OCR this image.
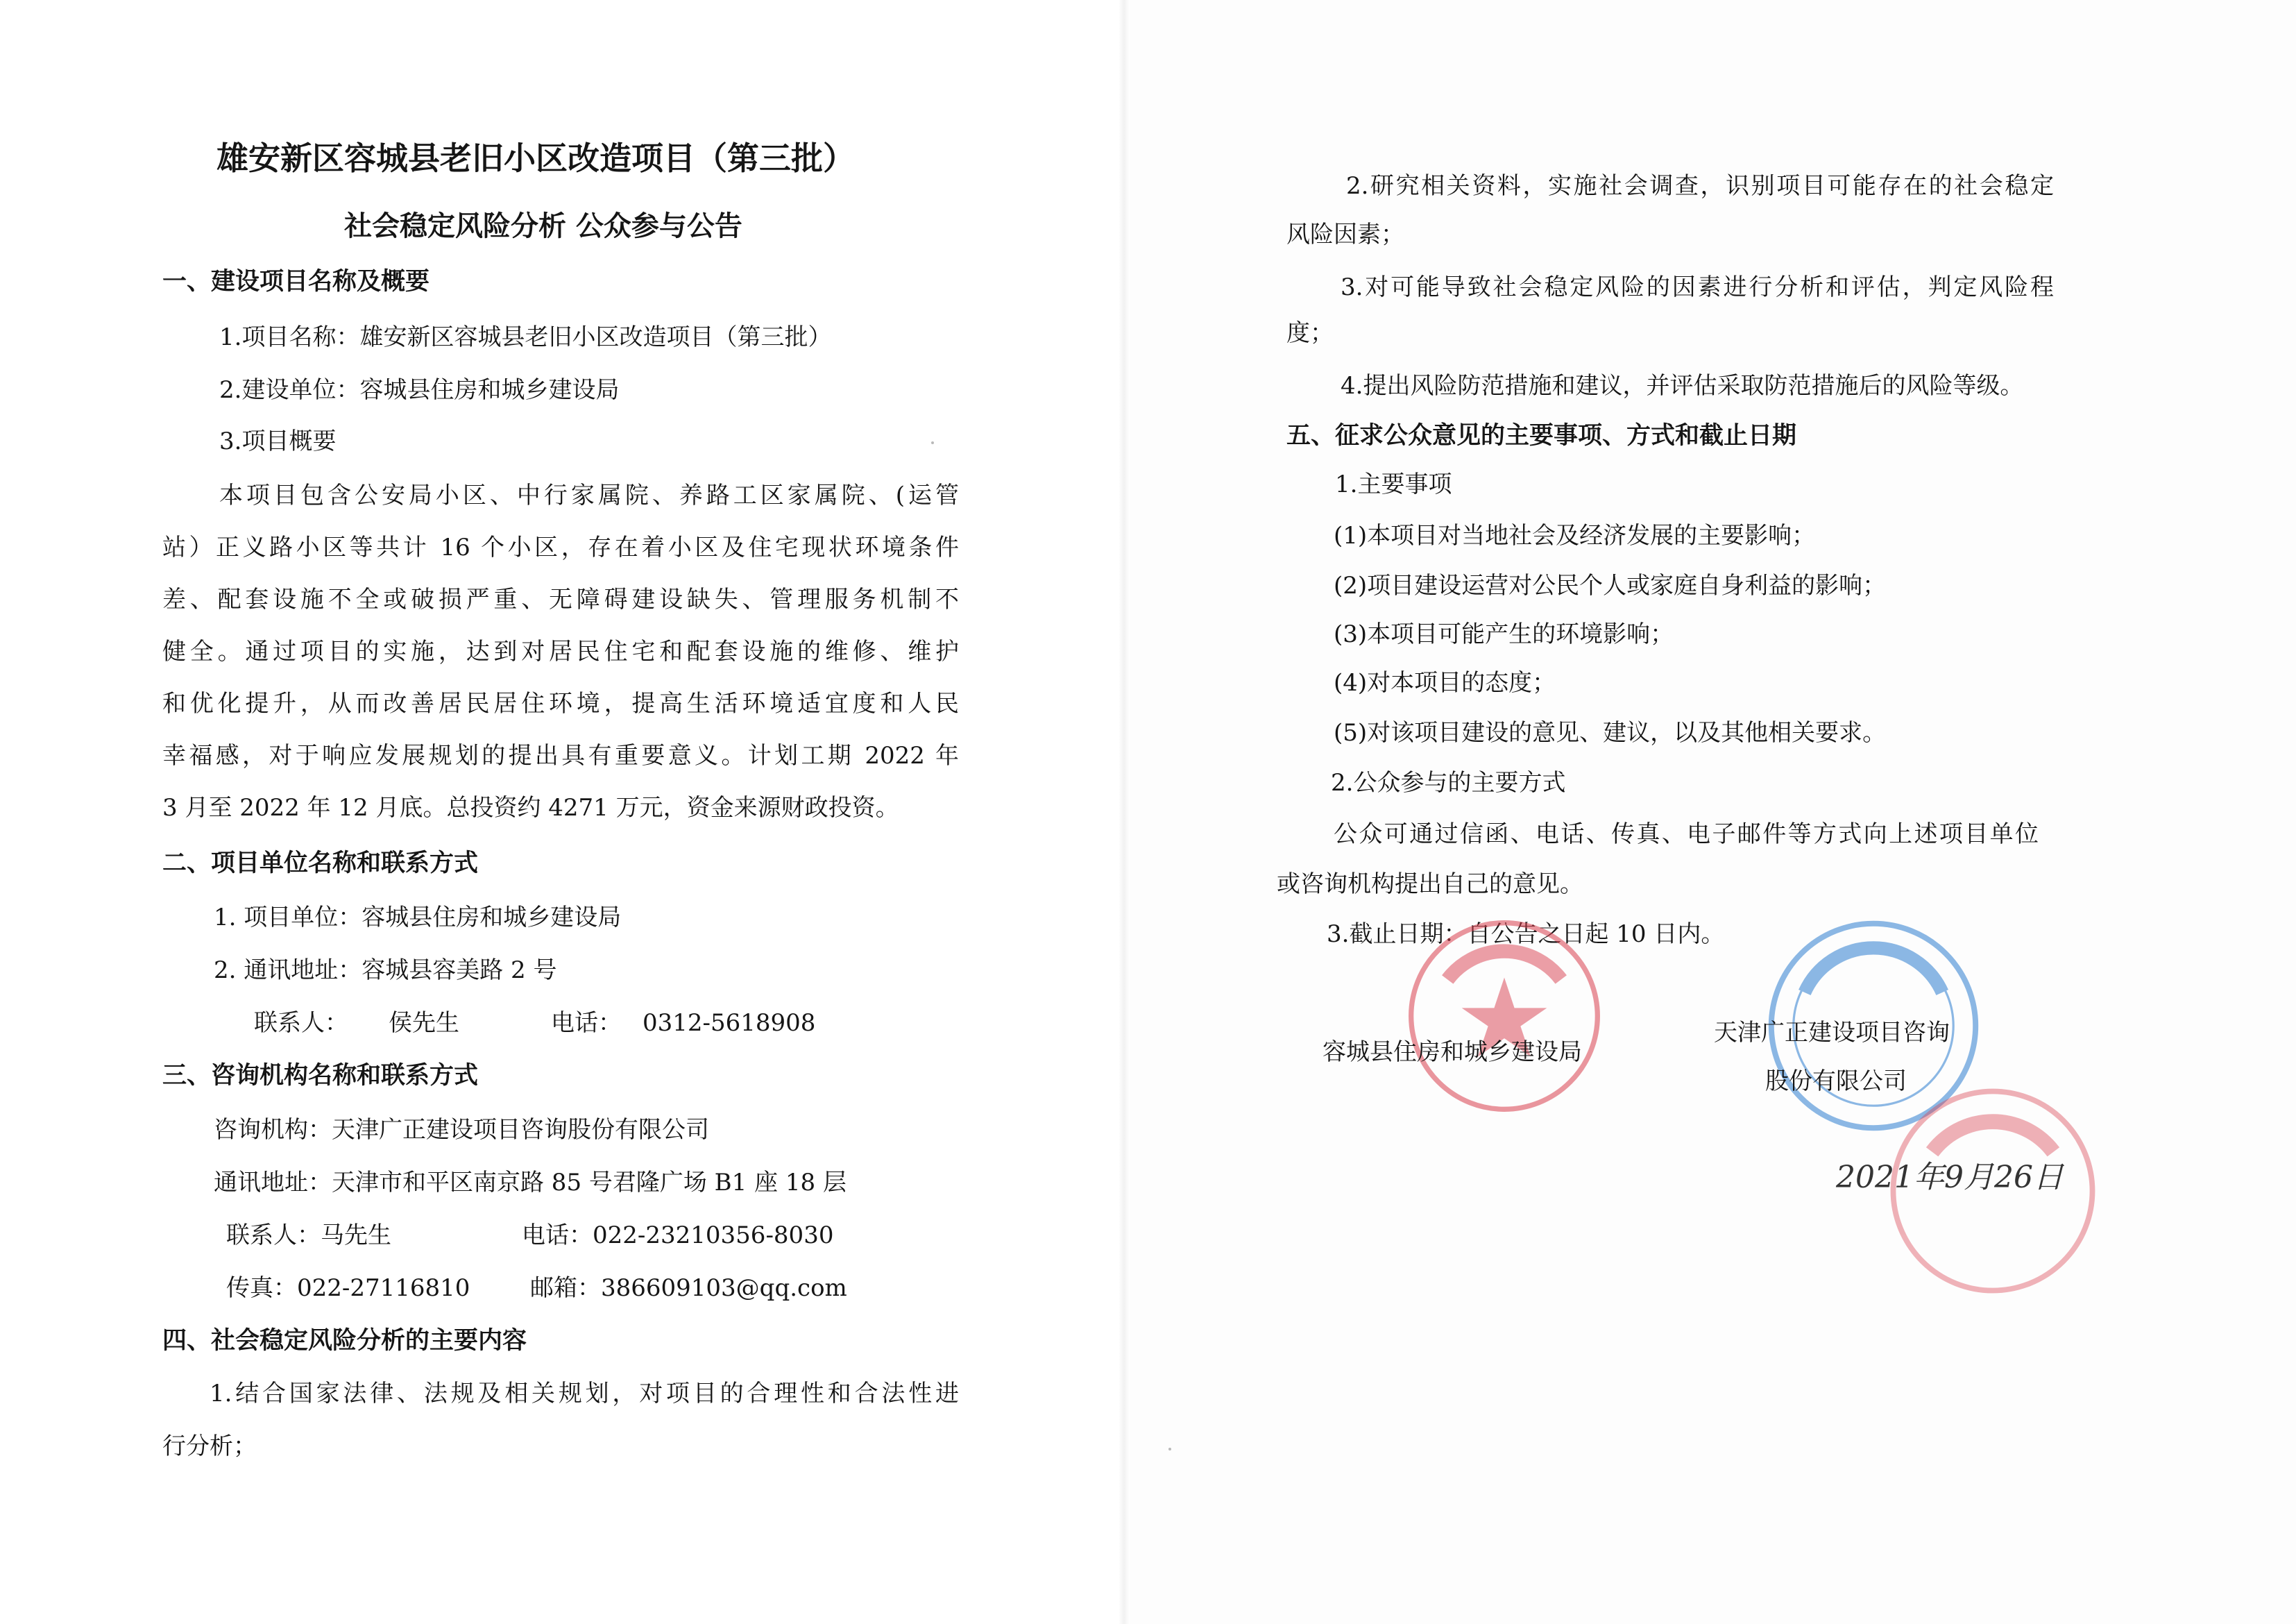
雄安新区容城县老旧小区改造项目（第三批）
社会稳定风险分析 公众参与公告
一、建设项目名称及概要
1.项目名称：雄安新区容城县老旧小区改造项目（第三批）
2.建设单位：容城县住房和城乡建设局
3.项目概要
本项目包含公安局小区、中行家属院、养路工区家属院、(运管
站）正义路小区等共计 16 个小区，存在着小区及住宅现状环境条件
差、配套设施不全或破损严重、无障碍建设缺失、管理服务机制不
健全。通过项目的实施，达到对居民住宅和配套设施的维修、维护
和优化提升，从而改善居民居住环境，提高生活环境适宜度和人民
幸福感，对于响应发展规划的提出具有重要意义。计划工期 2022 年
3 月至 2022 年 12 月底。总投资约 4271 万元，资金来源财政投资。
二、项目单位名称和联系方式
1. 项目单位：容城县住房和城乡建设局
2. 通讯地址：容城县容美路 2 号
联系人： 侯先生	电话： 0312-5618908
三、咨询机构名称和联系方式
咨询机构：天津广正建设项目咨询股份有限公司
通讯地址：天津市和平区南京路 85 号君隆广场 B1 座 18 层
联系人：马先生	电话：022-23210356-8030
传真：022-27116810	邮箱：386609103@qq.com
四、社会稳定风险分析的主要内容
1.结合国家法律、法规及相关规划，对项目的合理性和合法性进
行分析；
2.研究相关资料，实施社会调查，识别项目可能存在的社会稳定
风险因素；
3.对可能导致社会稳定风险的因素进行分析和评估，判定风险程
度；
4.提出风险防范措施和建议，并评估采取防范措施后的风险等级。
五、征求公众意见的主要事项、方式和截止日期
1.主要事项
(1)本项目对当地社会及经济发展的主要影响；
(2)项目建设运营对公民个人或家庭自身利益的影响；
(3)本项目可能产生的环境影响；
(4)对本项目的态度；
(5)对该项目建设的意见、建议，以及其他相关要求。
2.公众参与的主要方式
公众可通过信函、电话、传真、电子邮件等方式向上述项目单位
或咨询机构提出自己的意见。
3.截止日期：自公告之日起 10 日内。
容城县住房和城乡建设局
天津广正建设项目咨询
股份有限公司
2021年9月26日
